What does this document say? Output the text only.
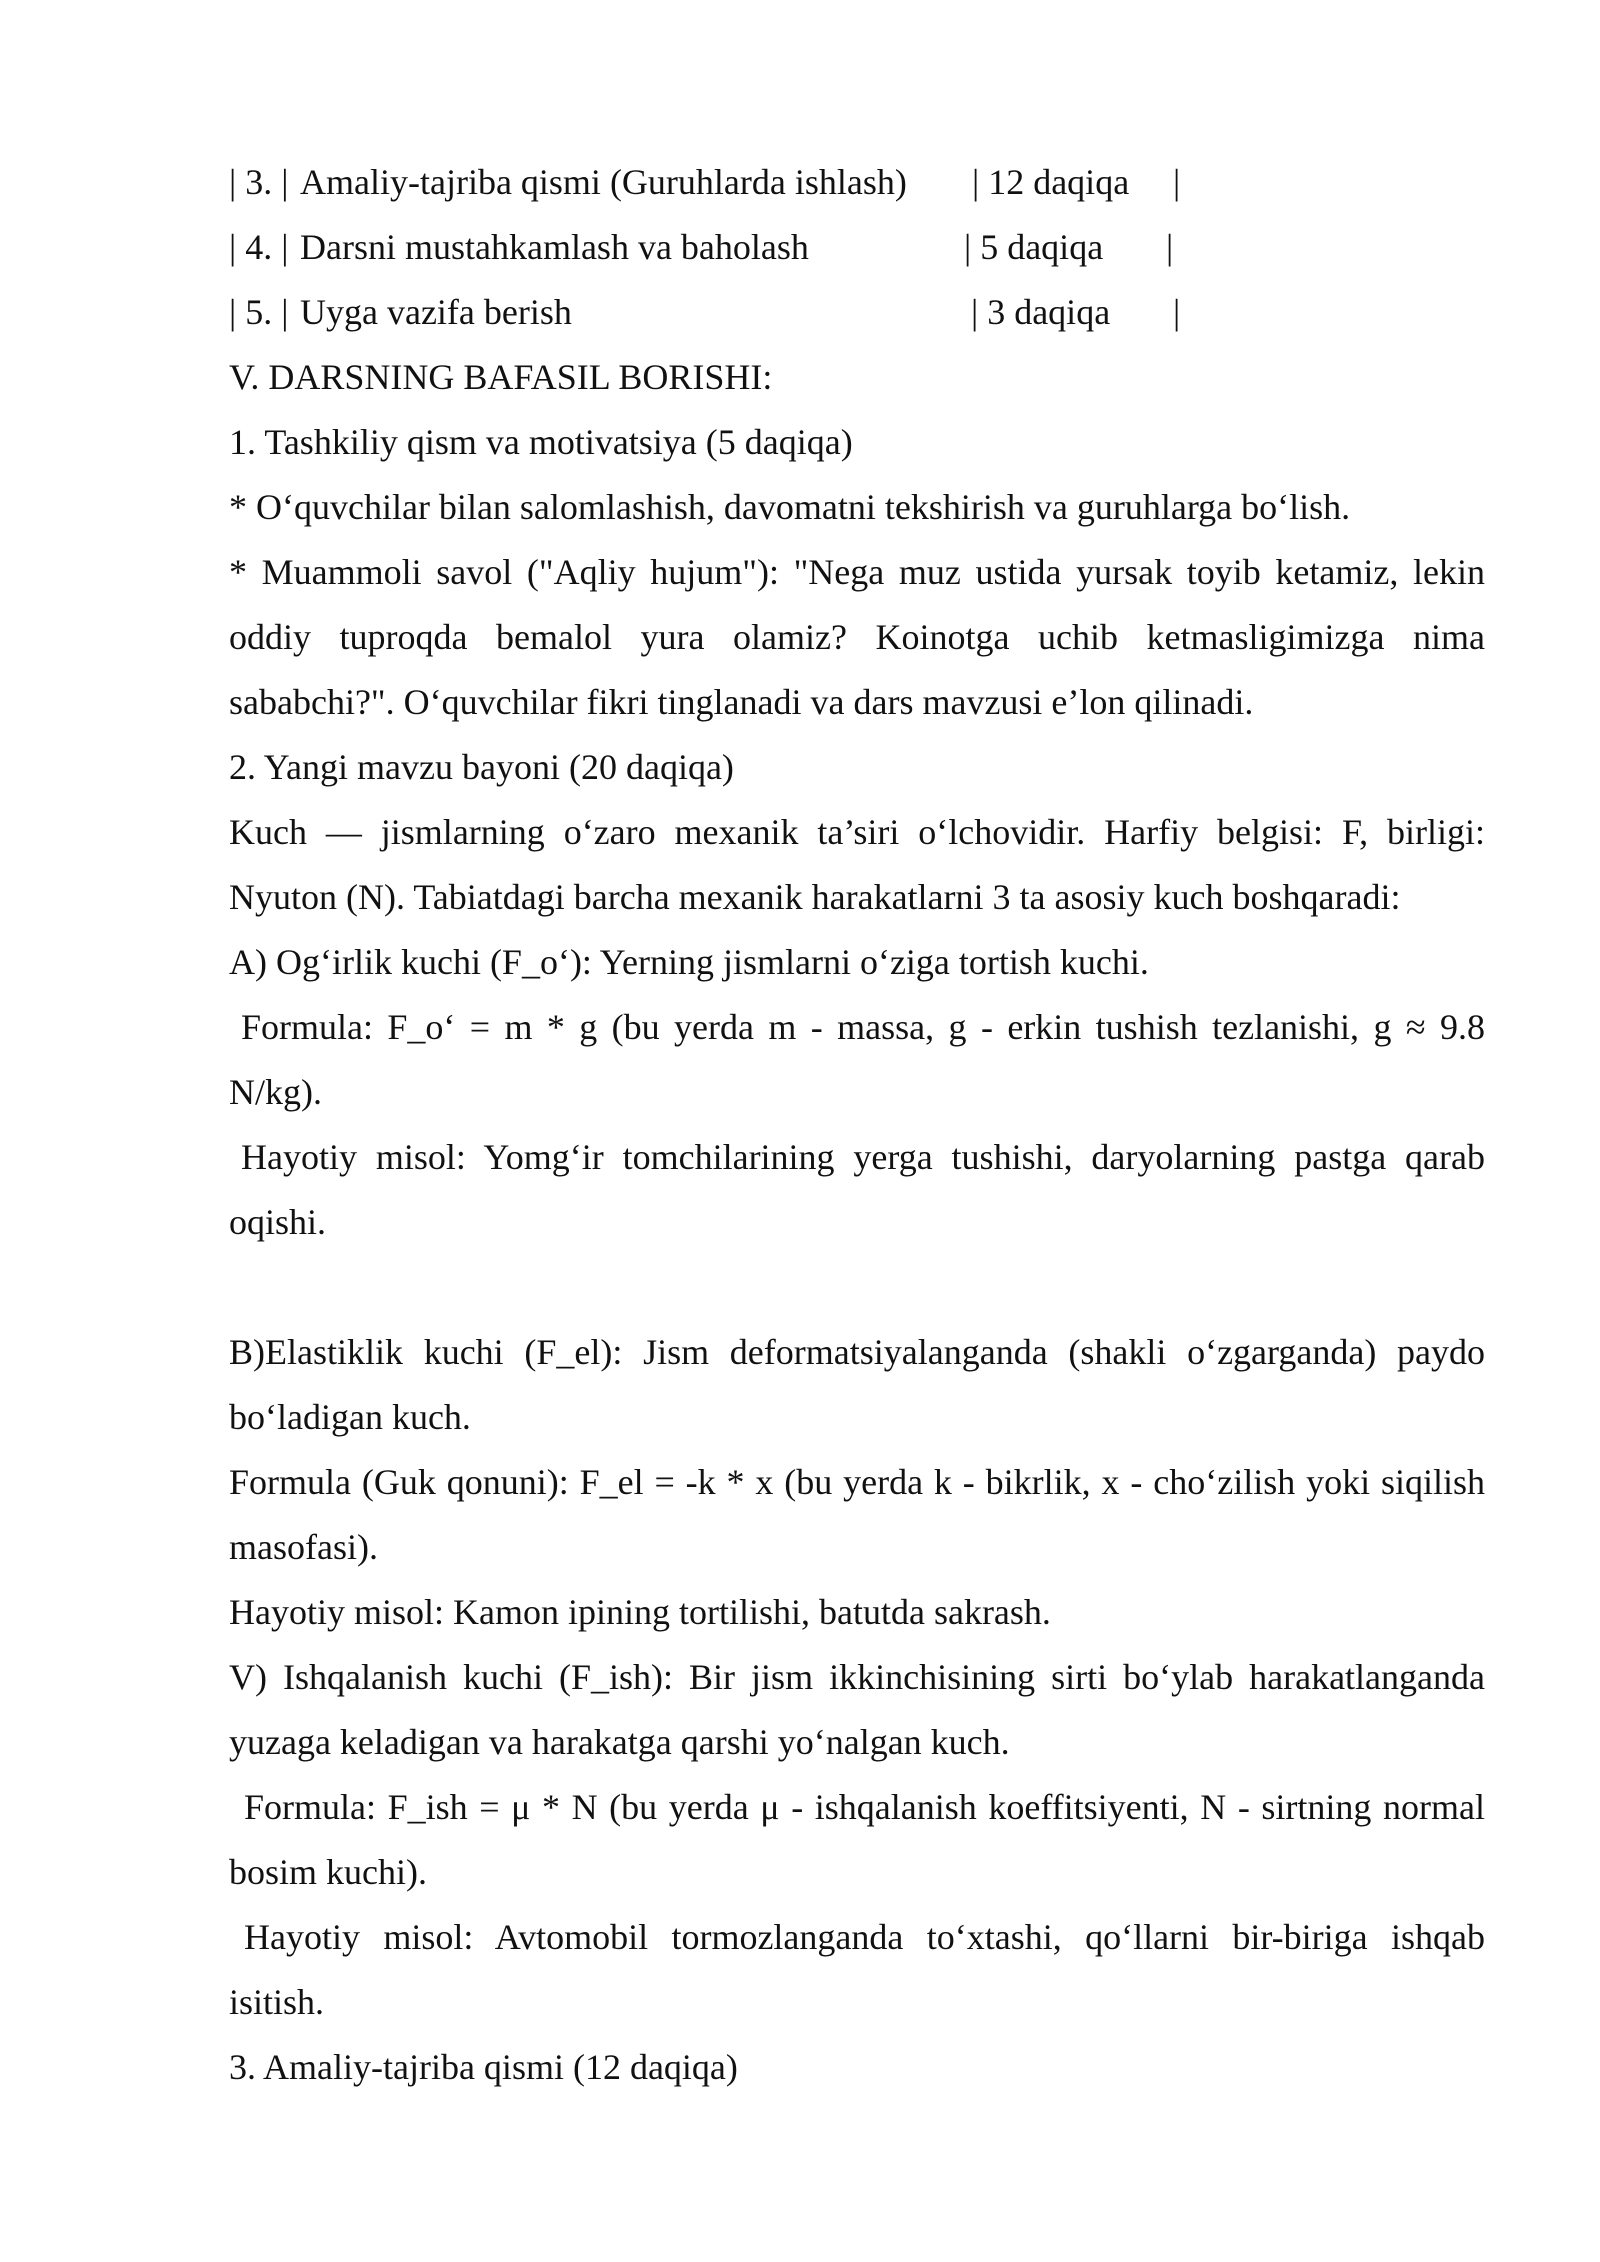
| 3. | Amaliy-tajriba qismi (Guruhlarda ishlash) | 12 daqiqa |
| 4. | Darsni mustahkamlash va baholash	| 5 daqiqa |
| 5. | Uyga vazifa berish	| 3 daqiqa |

V. DARSNING BAFASIL BORISHI:

1. Tashkiliy qism va motivatsiya (5 daqiqa)

* O‘quvchilar bilan salomlashish, davomatni tekshirish va guruhlarga bo‘lish.

* Muammoli savol ("Aqliy hujum"): "Nega muz ustida yursak toyib ketamiz, lekin oddiy tuproqda bemalol yura olamiz? Koinotga uchib ketmasligimizga nima sababchi?". O‘quvchilar fikri tinglanadi va dars mavzusi e’lon qilinadi.

2. Yangi mavzu bayoni (20 daqiqa)

Kuch — jismlarning o‘zaro mexanik ta’siri o‘lchovidir. Harfiy belgisi: F, birligi: Nyuton (N). Tabiatdagi barcha mexanik harakatlarni 3 ta asosiy kuch boshqaradi:

A) Og‘irlik kuchi (F_o‘): Yerning jismlarni o‘ziga tortish kuchi.

Formula: F_o‘ = m * g (bu yerda m - massa, g - erkin tushish tezlanishi, g ≈ 9.8 N/kg).

Hayotiy misol: Yomg‘ir tomchilarining yerga tushishi, daryolarning pastga qarab oqishi.

B)Elastiklik kuchi (F_el): Jism deformatsiyalanganda (shakli o‘zgarganda) paydo bo‘ladigan kuch.

Formula (Guk qonuni): F_el = -k * x (bu yerda k - bikrlik, x - cho‘zilish yoki siqilish masofasi).

Hayotiy misol: Kamon ipining tortilishi, batutda sakrash.

V) Ishqalanish kuchi (F_ish): Bir jism ikkinchisining sirti bo‘ylab harakatlanganda yuzaga keladigan va harakatga qarshi yo‘nalgan kuch.

Formula: F_ish = μ * N (bu yerda μ - ishqalanish koeffitsiyenti, N - sirtning normal bosim kuchi).

Hayotiy misol: Avtomobil tormozlanganda to‘xtashi, qo‘llarni bir-biriga ishqab isitish.

3. Amaliy-tajriba qismi (12 daqiqa)
